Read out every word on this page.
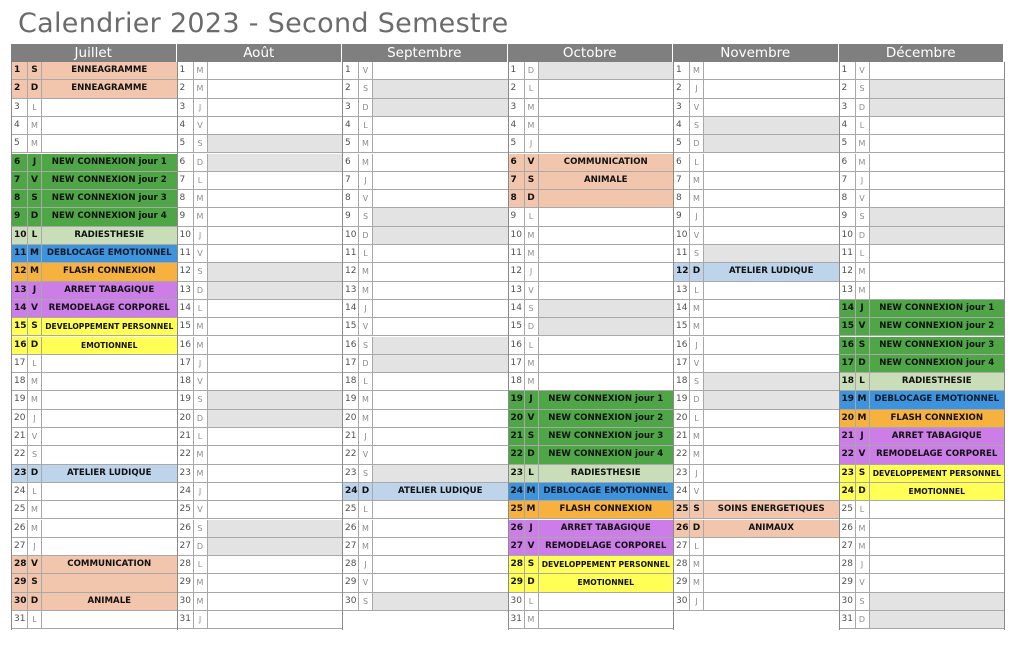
Calendrier 2023 - Second Semestre
Juillet
1	S	ENNEAGRAMME
2	D	ENNEAGRAMME
3	L
4	M
5	M
6	J	NEW CONNEXION jour 1
7	V	NEW CONNEXION jour 2
8	S	NEW CONNEXION jour 3
9	D	NEW CONNEXION jour 4
10 L	RADIESTHESIE
11 M DEBLOCAGE EMOTIONNEL
12 M	FLASH CONNEXION
13 J	ARRET TABAGIQUE
14 V	REMODELAGE CORPOREL
15 S DEVELOPPEMENT PERSONNEL
16 D	EMOTIONNEL
17 L
18 M
19 M
20 J
21 V
22 S
23 D	ATELIER LUDIQUE
24 L
25 M
26 M
27 J
28 V	COMMUNICATION
29 S
30 D	ANIMALE
31 L
Août
1	M
2	M
3	J
4	V
5	S
6	D
7	L
8	M
9	M
10 J
11 V
12 S
13 D
14 L
15 M
16 M
17 J
18 V
19 S
20 D
21 L
22 M
23 M
24 J
25 V
26 S
27 D
28 L
29 M
30 M
31 J
Septembre
1	V
2	S
3	D
4	L
5	M
6	M
7	J
8	V
9	S
10 D
11 L
12 M
13 M
14 J
15 V
16 S
17 D
18 L
19 M
20 M
21 J
22 V
23 S
24 D	ATELIER LUDIQUE
25 L
26 M
27 M
28 J
29 V
30 S
Octobre
1	D
2	L
3	M
4	M
5	J
6	V	COMMUNICATION
7	S	ANIMALE
8	D
9	L
10 M
11 M
12 J
13 V
14 S
15 D
16 L
17 M
18 M
19 J	NEW CONNEXION jour 1
20 V	NEW CONNEXION jour 2
21 S	NEW CONNEXION jour 3
22 D	NEW CONNEXION jour 4
23 L	RADIESTHESIE
24 M DEBLOCAGE EMOTIONNEL
25 M	FLASH CONNEXION
26 J	ARRET TABAGIQUE
27 V	REMODELAGE CORPOREL
28 S DEVELOPPEMENT PERSONNEL
29 D	EMOTIONNEL
30 L
31 M
Novembre
1	M
2	J
3	V
4	S
5	D
6	L
7	M
8	M
9	J
10 V
11 S
12 D	ATELIER LUDIQUE
13 L
14 M
15 M
16 J
17 V
18 S
19 D
20 L
21 M
22 M
23 J
24 V
25 S	SOINS ENERGETIQUES
26 D	ANIMAUX
27 L
28 M
29 M
30 J
Décembre
1	V
2	S
3	D
4	L
5	M
6	M
7	J
8	V
9	S
10 D
11 L
12 M
13 M
14 J	NEW CONNEXION jour 1
15 V	NEW CONNEXION jour 2
16 S	NEW CONNEXION jour 3
17 D	NEW CONNEXION jour 4
18 L	RADIESTHESIE
19 M DEBLOCAGE EMOTIONNEL
20 M	FLASH CONNEXION
21 J	ARRET TABAGIQUE
22 V	REMODELAGE CORPOREL
23 S DEVELOPPEMENT PERSONNEL
24 D	EMOTIONNEL
25 L
26 M
27 M
28 J
29 V
30 S
31 D
